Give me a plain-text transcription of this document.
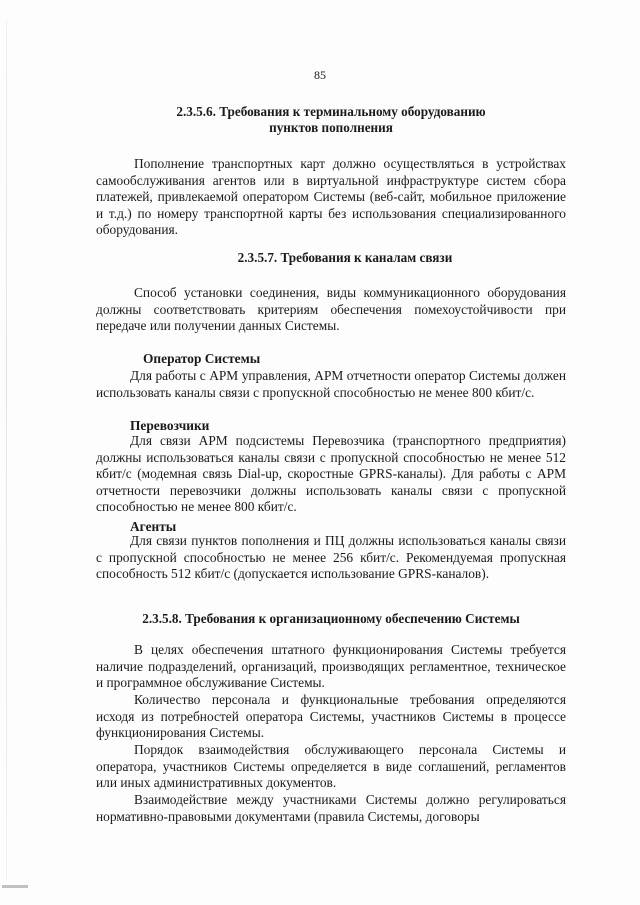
85
2.3.5.6. Требования к терминальному оборудованию
пунктов пополнения

Пополнение транспортных карт должно осуществляться в устройствах самообслуживания агентов или в виртуальной инфраструктуре систем сбора платежей, привлекаемой оператором Системы (веб-сайт, мобильное приложение и т.д.) по номеру транспортной карты без использования специализированного оборудования.

2.3.5.7. Требования к каналам связи

Способ установки соединения, виды коммуникационного оборудования должны соответствовать критериям обеспечения помехоустойчивости при передаче или получении данных Системы.

Оператор Системы

Для работы с АРМ управления, АРМ отчетности оператор Системы должен использовать каналы связи с пропускной способностью не менее 800 кбит/с.

Перевозчики

Для связи АРМ подсистемы Перевозчика (транспортного предприятия) должны использоваться каналы связи с пропускной способностью не менее 512 кбит/с (модемная связь Dial-up, скоростные GPRS-каналы). Для работы с АРМ отчетности перевозчики должны использовать каналы связи с пропускной способностью не менее 800 кбит/с.

Агенты

Для связи пунктов пополнения и ПЦ должны использоваться каналы связи с пропускной способностью не менее 256 кбит/с. Рекомендуемая пропускная способность 512 кбит/с (допускается использование GPRS-каналов).

2.3.5.8. Требования к организационному обеспечению Системы

В целях обеспечения штатного функционирования Системы требуется наличие подразделений, организаций, производящих регламентное, техническое и программное обслуживание Системы.

Количество персонала и функциональные требования определяются исходя из потребностей оператора Системы, участников Системы в процессе функционирования Системы.

Порядок взаимодействия обслуживающего персонала Системы и оператора, участников Системы определяется в виде соглашений, регламентов или иных административных документов.

Взаимодействие между участниками Системы должно регулироваться нормативно-правовыми документами (правила Системы, договоры
